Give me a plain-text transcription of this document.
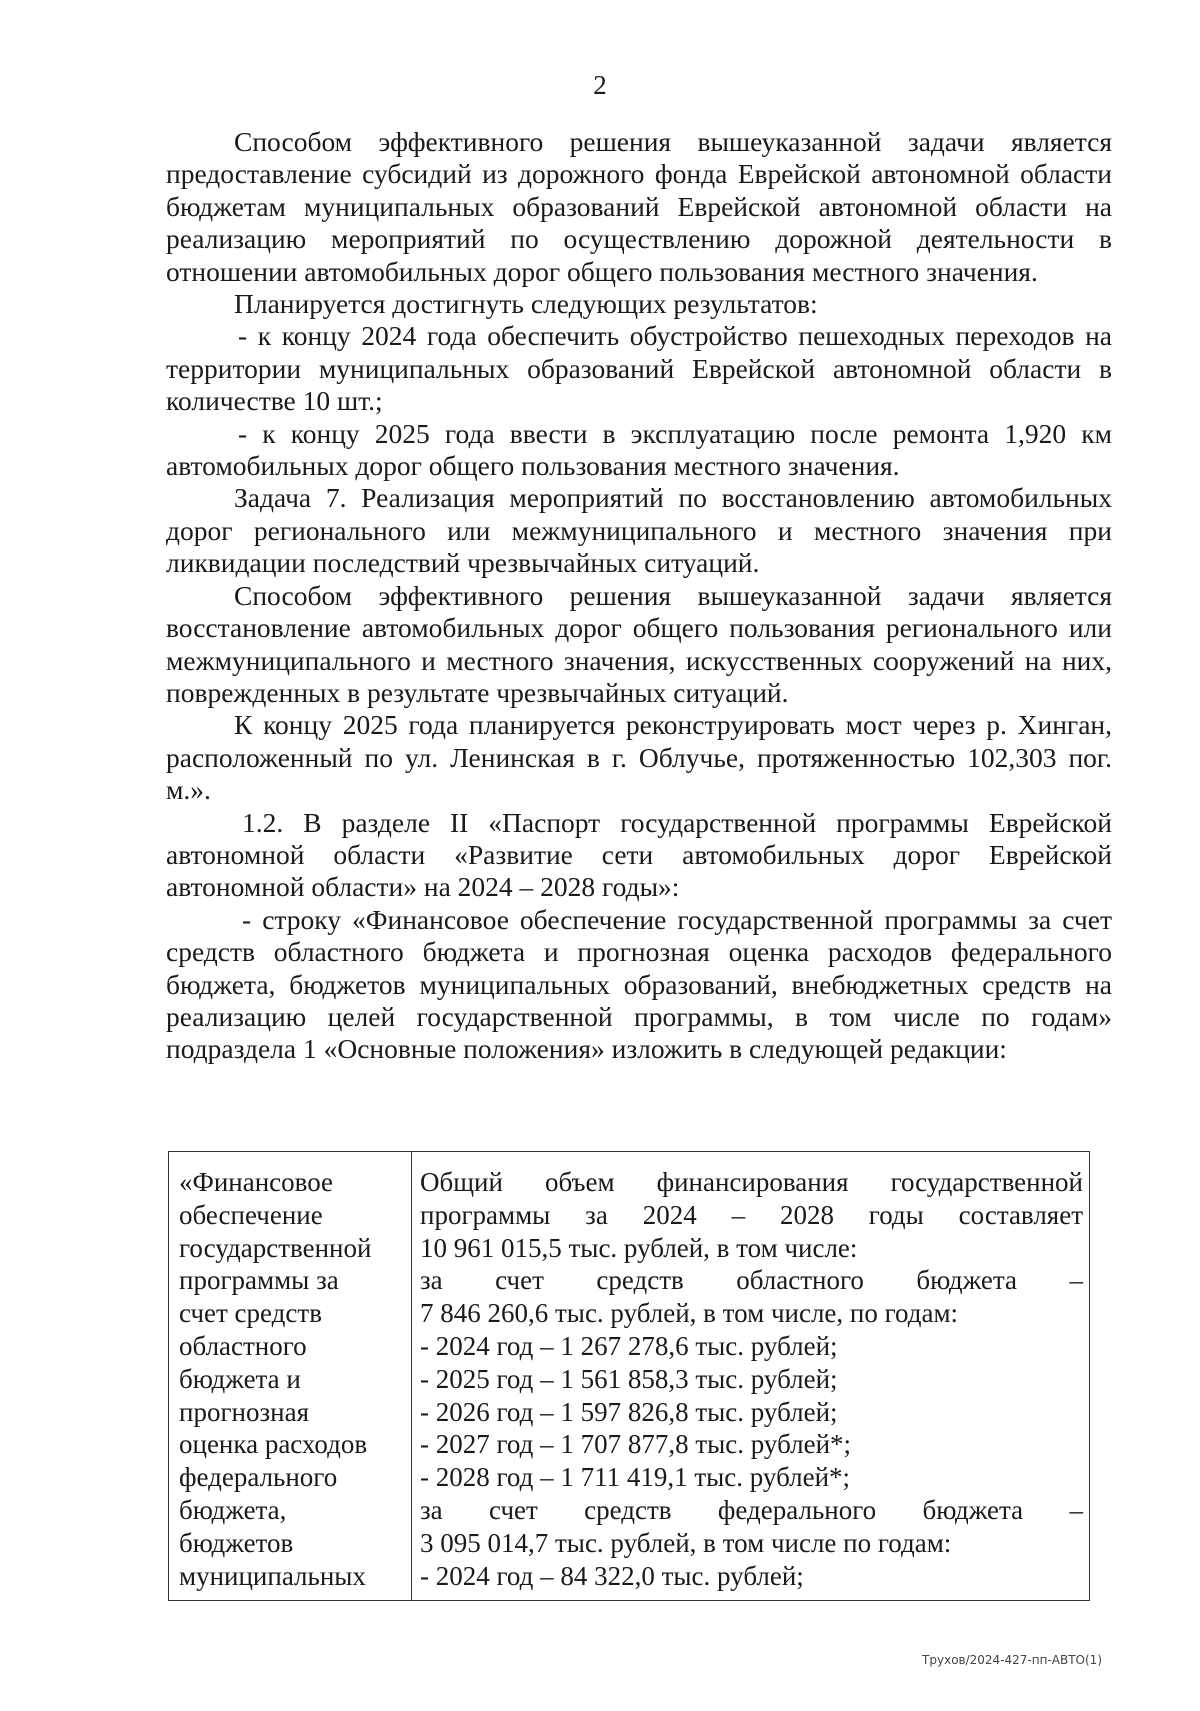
2

Способом эффективного решения вышеуказанной задачи является предоставление субсидий из дорожного фонда Еврейской автономной области бюджетам муниципальных образований Еврейской автономной области на реализацию мероприятий по осуществлению дорожной деятельности в отношении автомобильных дорог общего пользования местного значения.

Планируется достигнуть следующих результатов:

- к концу 2024 года обеспечить обустройство пешеходных переходов на территории муниципальных образований Еврейской автономной области в количестве 10 шт.;

- к концу 2025 года ввести в эксплуатацию после ремонта 1,920 км автомобильных дорог общего пользования местного значения.

Задача 7. Реализация мероприятий по восстановлению автомобильных дорог регионального или межмуниципального и местного значения при ликвидации последствий чрезвычайных ситуаций.

Способом эффективного решения вышеуказанной задачи является восстановление автомобильных дорог общего пользования регионального или межмуниципального и местного значения, искусственных сооружений на них, поврежденных в результате чрезвычайных ситуаций.

К концу 2025 года планируется реконструировать мост через р. Хинган, расположенный по ул. Ленинская в г. Облучье, протяженностью 102,303 пог. м.».

1.2. В разделе II «Паспорт государственной программы Еврейской автономной области «Развитие сети автомобильных дорог Еврейской автономной области» на 2024 – 2028 годы»:

- строку «Финансовое обеспечение государственной программы за счет средств областного бюджета и прогнозная оценка расходов федерального бюджета, бюджетов муниципальных образований, внебюджетных средств на реализацию целей государственной программы, в том числе по годам» подраздела 1 «Основные положения» изложить в следующей редакции:

«Финансовое
обеспечение
государственной
программы за
счет средств
областного
бюджета и
прогнозная
оценка расходов
федерального
бюджета,
бюджетов
муниципальных
Общий объем финансирования государственной
программы за 2024 – 2028 годы составляет
10 961 015,5 тыс. рублей, в том числе:
за счет средств областного бюджета –
7 846 260,6 тыс. рублей, в том числе, по годам:
- 2024 год – 1 267 278,6 тыс. рублей;
- 2025 год – 1 561 858,3 тыс. рублей;
- 2026 год – 1 597 826,8 тыс. рублей;
- 2027 год – 1 707 877,8 тыс. рублей*;
- 2028 год – 1 711 419,1 тыс. рублей*;
за счет средств федерального бюджета –
3 095 014,7 тыс. рублей, в том числе по годам:
- 2024 год – 84 322,0 тыс. рублей;
Трухов/2024-427-пп-АВТО(1)
